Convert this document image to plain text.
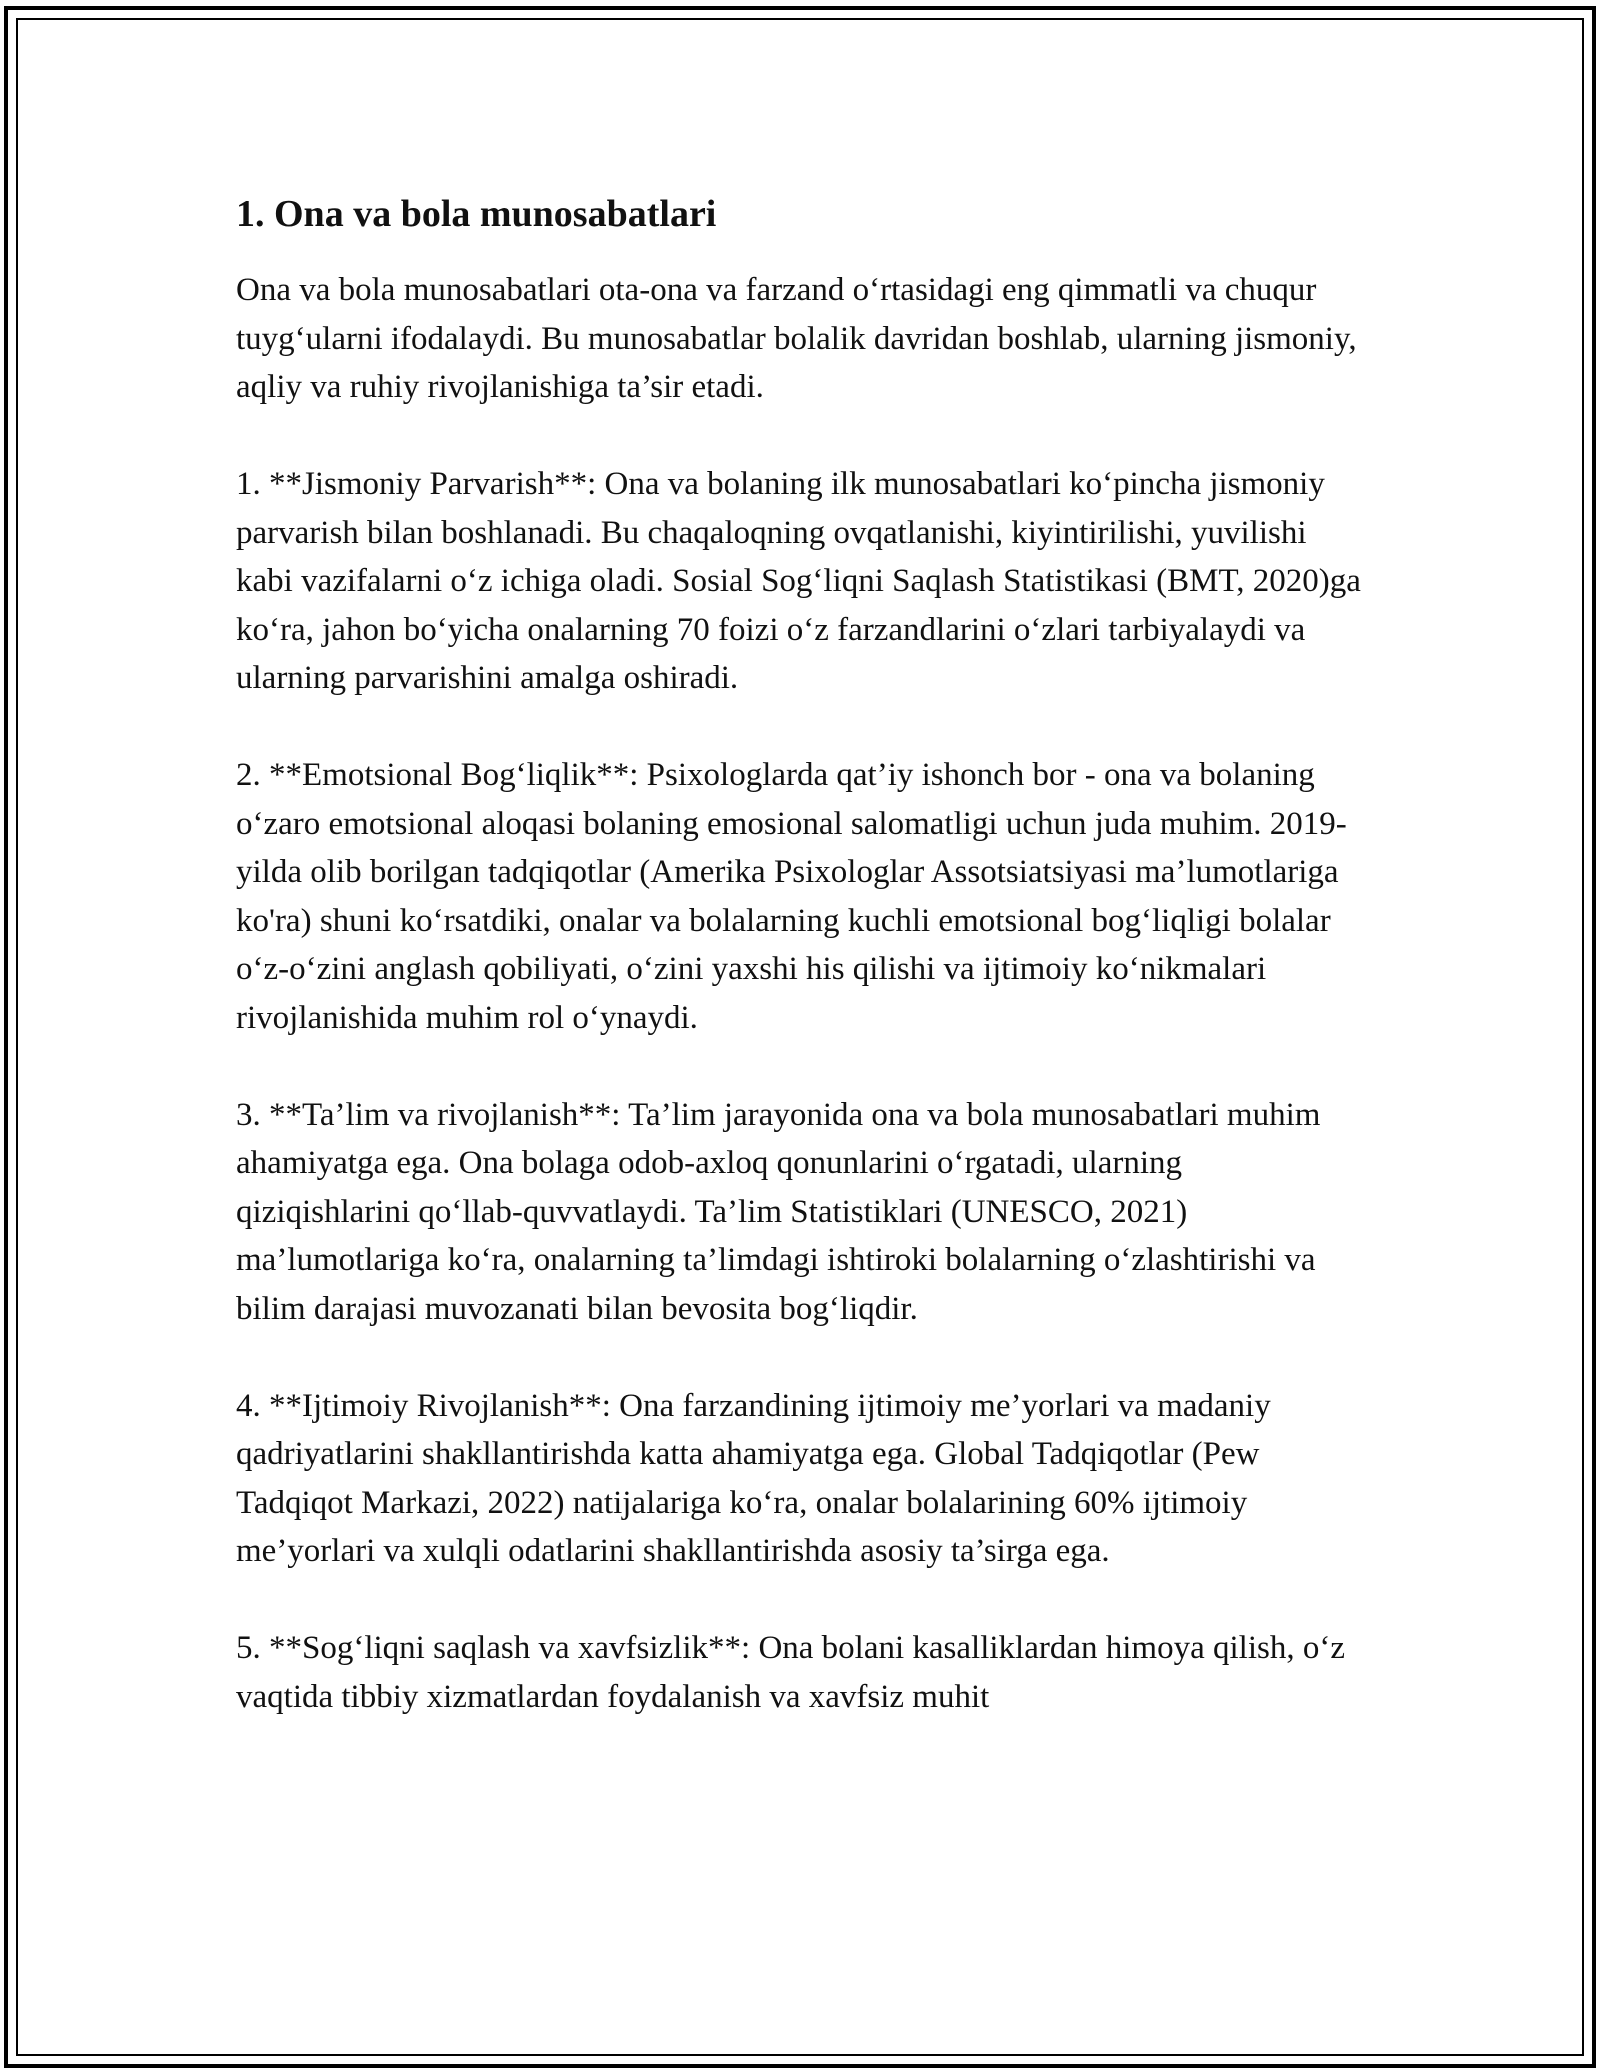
1. Ona va bola munosabatlari

Ona va bola munosabatlari ota-ona va farzand o‘rtasidagi eng qimmatli va chuqur tuyg‘ularni ifodalaydi. Bu munosabatlar bolalik davridan boshlab, ularning jismoniy, aqliy va ruhiy rivojlanishiga ta’sir etadi.

1. **Jismoniy Parvarish**: Ona va bolaning ilk munosabatlari ko‘pincha jismoniy parvarish bilan boshlanadi. Bu chaqaloqning ovqatlanishi, kiyintirilishi, yuvilishi kabi vazifalarni o‘z ichiga oladi. Sosial Sog‘liqni Saqlash Statistikasi (BMT, 2020)ga ko‘ra, jahon bo‘yicha onalarning 70 foizi o‘z farzandlarini o‘zlari tarbiyalaydi va ularning parvarishini amalga oshiradi.

2. **Emotsional Bog‘liqlik**: Psixologlarda qat’iy ishonch bor - ona va bolaning o‘zaro emotsional aloqasi bolaning emosional salomatligi uchun juda muhim. 2019-yilda olib borilgan tadqiqotlar (Amerika Psixologlar Assotsiatsiyasi ma’lumotlariga ko'ra) shuni ko‘rsatdiki, onalar va bolalarning kuchli emotsional bog‘liqligi bolalar o‘z-o‘zini anglash qobiliyati, o‘zini yaxshi his qilishi va ijtimoiy ko‘nikmalari rivojlanishida muhim rol o‘ynaydi.

3. **Ta’lim va rivojlanish**: Ta’lim jarayonida ona va bola munosabatlari muhim ahamiyatga ega. Ona bolaga odob-axloq qonunlarini o‘rgatadi, ularning qiziqishlarini qo‘llab-quvvatlaydi. Ta’lim Statistiklari (UNESCO, 2021) ma’lumotlariga ko‘ra, onalarning ta’limdagi ishtiroki bolalarning o‘zlashtirishi va bilim darajasi muvozanati bilan bevosita bog‘liqdir.

4. **Ijtimoiy Rivojlanish**: Ona farzandining ijtimoiy me’yorlari va madaniy qadriyatlarini shakllantirishda katta ahamiyatga ega. Global Tadqiqotlar (Pew Tadqiqot Markazi, 2022) natijalariga ko‘ra, onalar bolalarining 60% ijtimoiy me’yorlari va xulqli odatlarini shakllantirishda asosiy ta’sirga ega.

5. **Sog‘liqni saqlash va xavfsizlik**: Ona bolani kasalliklardan himoya qilish, o‘z vaqtida tibbiy xizmatlardan foydalanish va xavfsiz muhit
